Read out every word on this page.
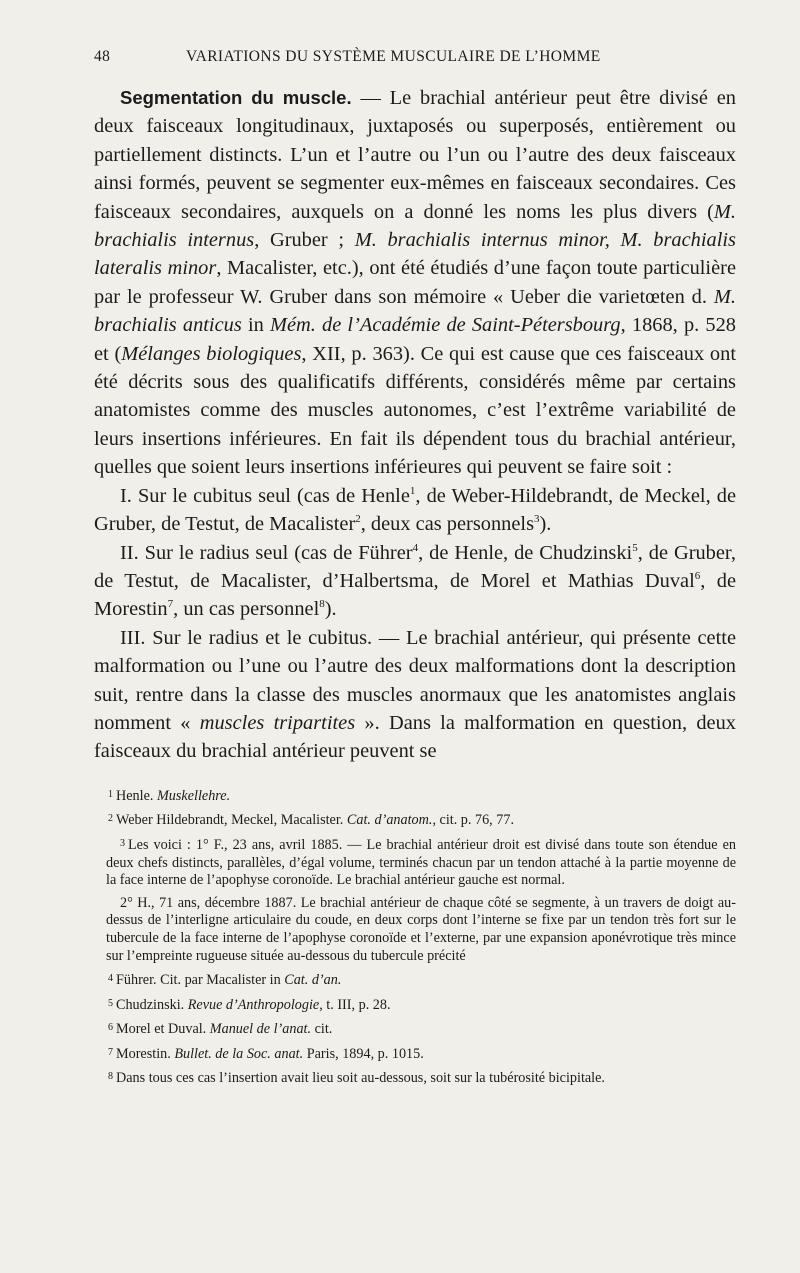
48	VARIATIONS DU SYSTÈME MUSCULAIRE DE L’HOMME

Segmentation du muscle. — Le brachial antérieur peut être divisé en deux faisceaux longitudinaux, juxtaposés ou superposés, entièrement ou partiellement distincts. L’un et l’autre ou l’un ou l’autre des deux faisceaux ainsi formés, peuvent se segmenter eux-mêmes en faisceaux secondaires. Ces faisceaux secondaires, auxquels on a donné les noms les plus divers (M. brachialis internus, Gruber ; M. brachialis internus minor, M. brachialis lateralis minor, Macalister, etc.), ont été étudiés d’une façon toute particulière par le professeur W. Gruber dans son mémoire « Ueber die varietœten d. M. brachialis anticus in Mém. de l’Académie de Saint-Pétersbourg, 1868, p. 528 et (Mélanges biologiques, XII, p. 363). Ce qui est cause que ces faisceaux ont été décrits sous des qualificatifs différents, considérés même par certains anatomistes comme des muscles autonomes, c’est l’extrême variabilité de leurs insertions inférieures. En fait ils dépendent tous du brachial antérieur, quelles que soient leurs insertions inférieures qui peuvent se faire soit :

I. Sur le cubitus seul (cas de Henle$^1$, de Weber-Hildebrandt, de Meckel, de Gruber, de Testut, de Macalister$^2$, deux cas personnels$^3$).

II. Sur le radius seul (cas de Führer$^4$, de Henle, de Chudzinski$^5$, de Gruber, de Testut, de Macalister, d’Halbertsma, de Morel et Mathias Duval$^6$, de Morestin$^7$, un cas personnel$^8$).

III. Sur le radius et le cubitus. — Le brachial antérieur, qui présente cette malformation ou l’une ou l’autre des deux malformations dont la description suit, rentre dans la classe des muscles anormaux que les anatomistes anglais nomment « muscles tripartites ». Dans la malformation en question, deux faisceaux du brachial antérieur peuvent se

$^1$ Henle. Muskellehre.

$^2$ Weber Hildebrandt, Meckel, Macalister. Cat. d’anatom., cit. p. 76, 77.

$^3$ Les voici : 1° F., 23 ans, avril 1885. — Le brachial antérieur droit est divisé dans toute son étendue en deux chefs distincts, parallèles, d’égal volume, terminés chacun par un tendon attaché à la partie moyenne de la face interne de l’apophyse coronoïde. Le brachial antérieur gauche est normal.

2° H., 71 ans, décembre 1887. Le brachial antérieur de chaque côté se segmente, à un travers de doigt au-dessus de l’interligne articulaire du coude, en deux corps dont l’interne se fixe par un tendon très fort sur le tubercule de la face interne de l’apophyse coronoïde et l’externe, par une expansion aponévrotique très mince sur l’empreinte rugueuse située au-dessous du tubercule précité

$^4$ Führer. Cit. par Macalister in Cat. d’an.

$^5$ Chudzinski. Revue d’Anthropologie, t. III, p. 28.

$^6$ Morel et Duval. Manuel de l’anat. cit.

$^7$ Morestin. Bullet. de la Soc. anat. Paris, 1894, p. 1015.

$^8$ Dans tous ces cas l’insertion avait lieu soit au-dessous, soit sur la tubérosité bicipitale.
